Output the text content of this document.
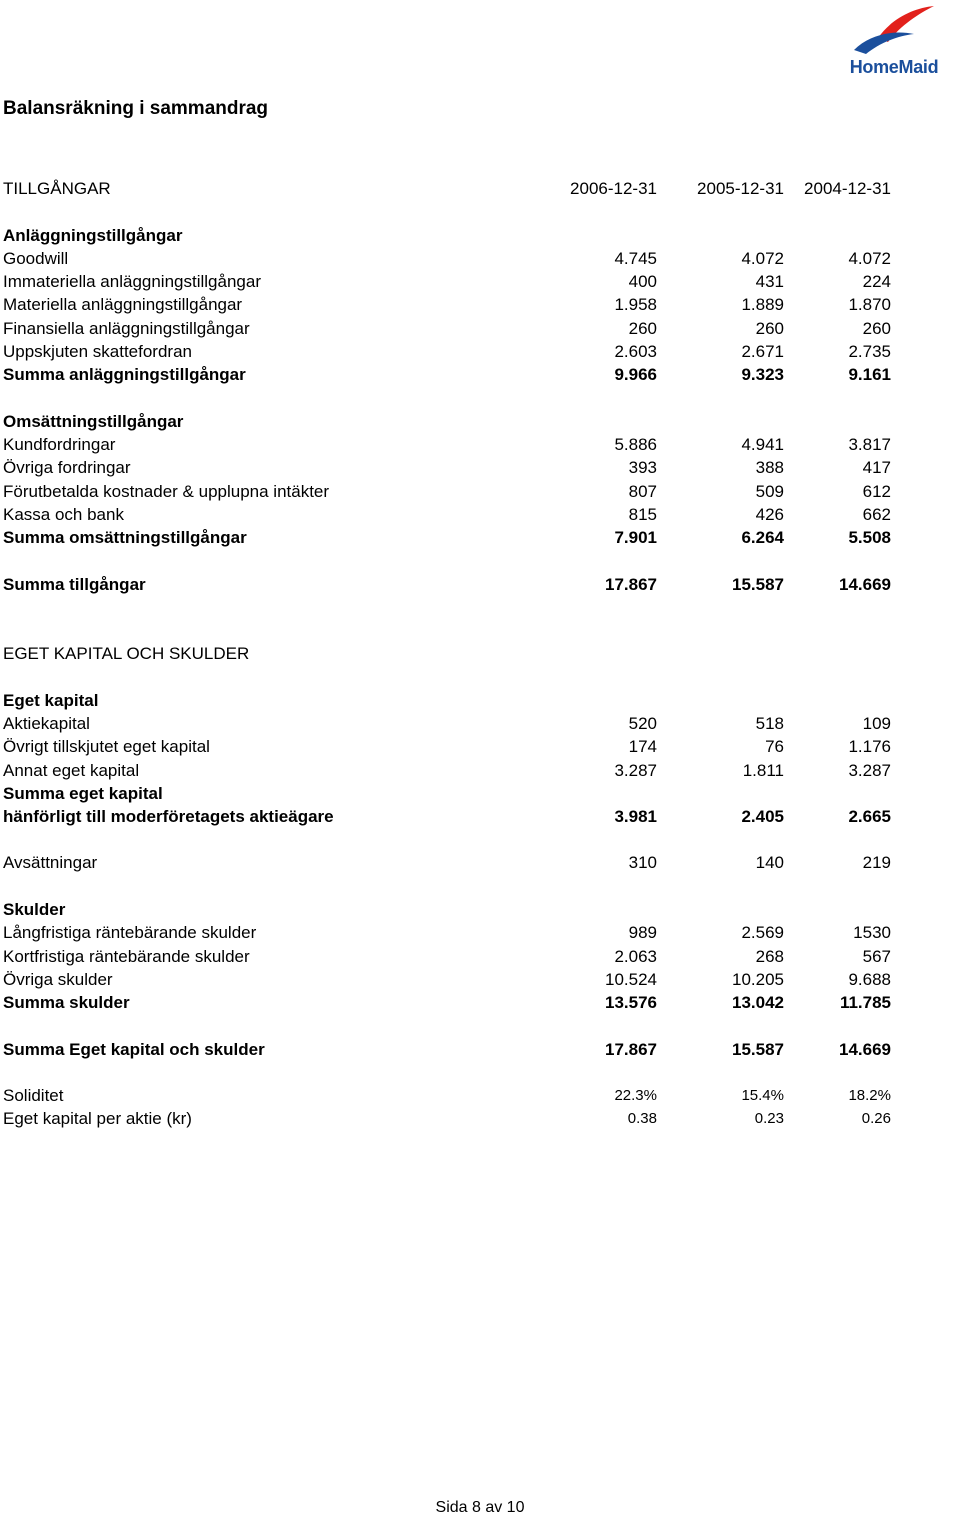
HomeMaid
Balansräkning i sammandrag
TILLGÅNGAR	2006-12-31	2005-12-31	2004-12-31
Anläggningstillgångar
Goodwill	4.745	4.072	4.072
Immateriella anläggningstillgångar	400	431	224
Materiella anläggningstillgångar	1.958	1.889	1.870
Finansiella anläggningstillgångar	260	260	260
Uppskjuten skattefordran	2.603	2.671	2.735
Summa anläggningstillgångar	9.966	9.323	9.161
Omsättningstillgångar
Kundfordringar	5.886	4.941	3.817
Övriga fordringar	393	388	417
Förutbetalda kostnader & upplupna intäkter	807	509	612
Kassa och bank	815	426	662
Summa omsättningstillgångar	7.901	6.264	5.508
Summa tillgångar	17.867	15.587	14.669
EGET KAPITAL OCH SKULDER
Eget kapital
Aktiekapital	520	518	109
Övrigt tillskjutet eget kapital	174	76	1.176
Annat eget kapital	3.287	1.811	3.287
Summa eget kapital
hänförligt till moderföretagets aktieägare	3.981	2.405	2.665
Avsättningar	310	140	219
Skulder
Långfristiga räntebärande skulder	989	2.569	1530
Kortfristiga räntebärande skulder	2.063	268	567
Övriga skulder	10.524	10.205	9.688
Summa skulder	13.576	13.042	11.785
Summa Eget kapital och skulder	17.867	15.587	14.669
Soliditet	22.3%	15.4%	18.2%
Eget kapital per aktie (kr)	0.38	0.23	0.26
Sida 8 av 10
